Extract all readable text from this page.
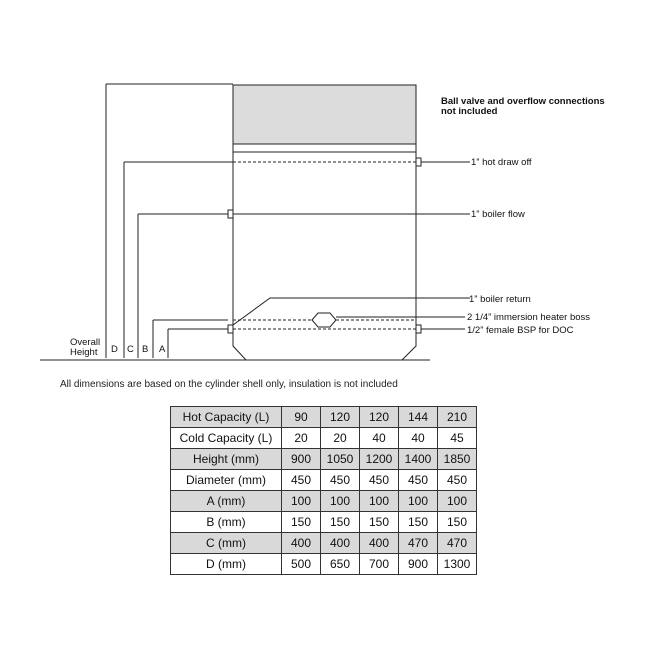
Overall
Height D C B A
1” hot draw off
1” boiler flow
1” boiler return
2 1/4” immersion heater boss
1/2” female BSP for DOC
Ball valve and overflow connections
not included
All dimensions are based on the cylinder shell only, insulation is not included
Hot Capacity (L)	90	120	120	144	210
Cold Capacity (L)	20	20	40	40	45
Height (mm)	900	1050	1200	1400	1850
Diameter (mm)	450	450	450	450	450
A (mm)	100	100	100	100	100
B (mm)	150	150	150	150	150
C (mm)	400	400	400	470	470
D (mm)	500	650	700	900	1300
